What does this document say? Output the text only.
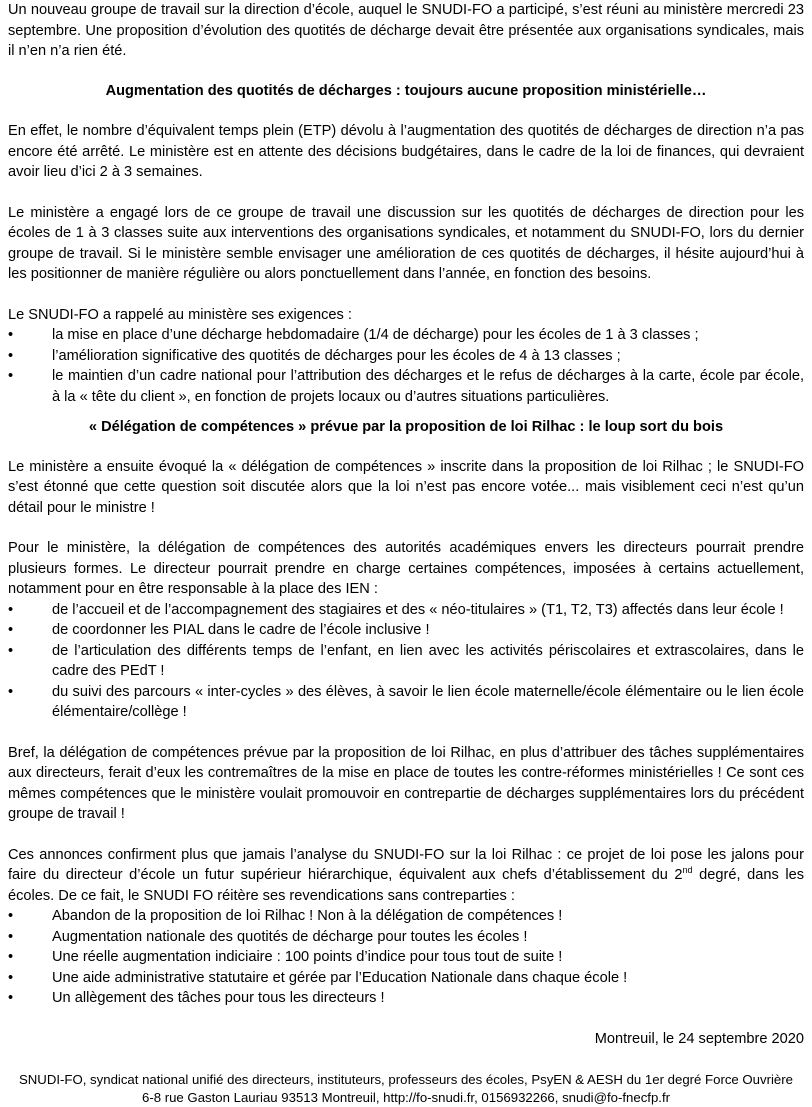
Un nouveau groupe de travail sur la direction d’école, auquel le SNUDI-FO a participé, s’est réuni au ministère mercredi 23 septembre. Une proposition d’évolution des quotités de décharge devait être présentée aux organisations syndicales, mais il n’en n’a rien été.

Augmentation des quotités de décharges : toujours aucune proposition ministérielle…

En effet, le nombre d’équivalent temps plein (ETP) dévolu à l’augmentation des quotités de décharges de direction n’a pas encore été arrêté. Le ministère est en attente des décisions budgétaires, dans le cadre de la loi de finances, qui devraient avoir lieu d’ici 2 à 3 semaines.

Le ministère a engagé lors de ce groupe de travail une discussion sur les quotités de décharges de direction pour les écoles de 1 à 3 classes suite aux interventions des organisations syndicales, et notamment du SNUDI-FO, lors du dernier groupe de travail. Si le ministère semble envisager une amélioration de ces quotités de décharges, il hésite aujourd’hui à les positionner de manière régulière ou alors ponctuellement dans l’année, en fonction des besoins.

Le SNUDI-FO a rappelé au ministère ses exigences :

•	la mise en place d’une décharge hebdomadaire (1/4 de décharge) pour les écoles de 1 à 3 classes ;
•	l’amélioration significative des quotités de décharges pour les écoles de 4 à 13 classes ;
•	le maintien d’un cadre national pour l’attribution des décharges et le refus de décharges à la carte, école par école, à la « tête du client », en fonction de projets locaux ou d’autres situations particulières.

« Délégation de compétences » prévue par la proposition de loi Rilhac : le loup sort du bois

Le ministère a ensuite évoqué la « délégation de compétences » inscrite dans la proposition de loi Rilhac ; le SNUDI-FO s’est étonné que cette question soit discutée alors que la loi n’est pas encore votée... mais visiblement ceci n’est qu’un détail pour le ministre !

Pour le ministère, la délégation de compétences des autorités académiques envers les directeurs pourrait prendre plusieurs formes. Le directeur pourrait prendre en charge certaines compétences, imposées à certains actuellement, notamment pour en être responsable à la place des IEN :

•	de l’accueil et de l’accompagnement des stagiaires et des « néo-titulaires » (T1, T2, T3) affectés dans leur école !
•	de coordonner les PIAL dans le cadre de l’école inclusive !
•	de l’articulation des différents temps de l’enfant, en lien avec les activités périscolaires et extrascolaires, dans le cadre des PEdT !
•	du suivi des parcours « inter-cycles » des élèves, à savoir le lien école maternelle/école élémentaire ou le lien école élémentaire/collège !

Bref, la délégation de compétences prévue par la proposition de loi Rilhac, en plus d’attribuer des tâches supplémentaires aux directeurs, ferait d’eux les contremaîtres de la mise en place de toutes les contre-réformes ministérielles ! Ce sont ces mêmes compétences que le ministère voulait promouvoir en contrepartie de décharges supplémentaires lors du précédent groupe de travail !

Ces annonces confirment plus que jamais l’analyse du SNUDI-FO sur la loi Rilhac : ce projet de loi pose les jalons pour faire du directeur d’école un futur supérieur hiérarchique, équivalent aux chefs d’établissement du 2nd degré, dans les écoles. De ce fait, le SNUDI FO réitère ses revendications sans contreparties :

•	Abandon de la proposition de loi Rilhac ! Non à la délégation de compétences !
•	Augmentation nationale des quotités de décharge pour toutes les écoles !
•	Une réelle augmentation indiciaire : 100 points d’indice pour tous tout de suite !
•	Une aide administrative statutaire et gérée par l’Education Nationale dans chaque école !
•	Un allègement des tâches pour tous les directeurs !

Montreuil, le 24 septembre 2020

SNUDI-FO, syndicat national unifié des directeurs, instituteurs, professeurs des écoles, PsyEN & AESH du 1er degré Force Ouvrière
6-8 rue Gaston Lauriau 93513 Montreuil, http://fo-snudi.fr, 0156932266, snudi@fo-fnecfp.fr
